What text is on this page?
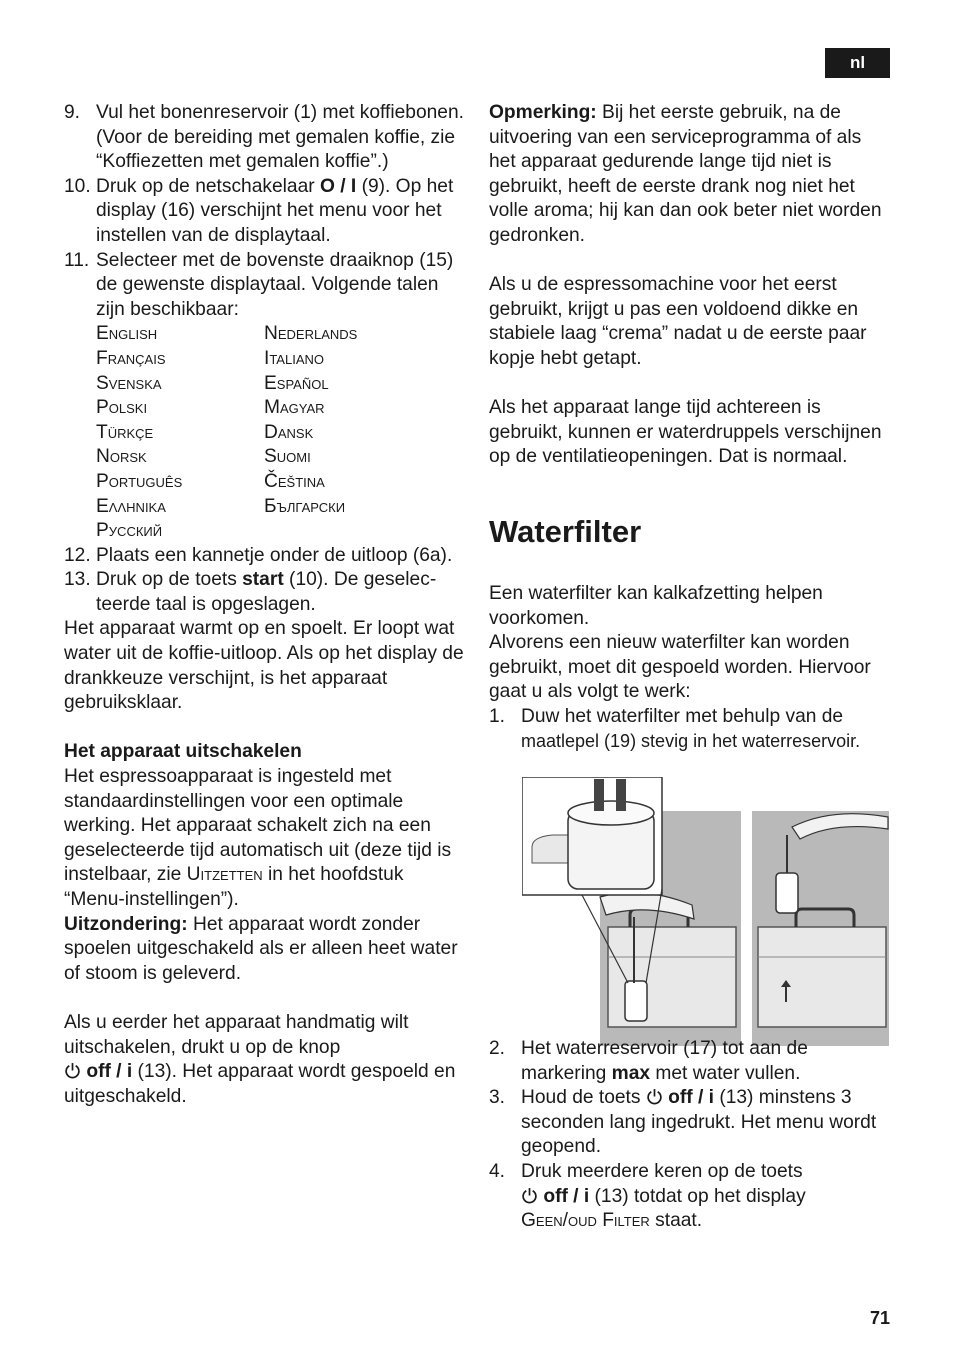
nl
9. Vul het bonenreservoir (1) met koffiebonen. (Voor de bereiding met gemalen koffie, zie “Koffiezetten met gemalen koffie”.)
10. Druk op de netschakelaar O / I (9). Op het display (16) verschijnt het menu voor het instellen van de displaytaal.
11. Selecteer met de bovenste draaiknop (15) de gewenste displaytaal. Volgende talen zijn beschikbaar:
English	Nederlands
Français	Italiano
Svenska	Español
Polski	Magyar
Türkçe	Dansk
Norsk	Suomi
Português	Čeština
Ελληνικα	Български
Русский
12. Plaats een kannetje onder de uitloop (6a).
13. Druk op de toets start (10). De geselecteerde taal is opgeslagen.

Het apparaat warmt op en spoelt. Er loopt wat water uit de koffie-uitloop. Als op het display de drankkeuze verschijnt, is het apparaat gebruiksklaar.

Het apparaat uitschakelen

Het espressoapparaat is ingesteld met standaardinstellingen voor een optimale werking. Het apparaat schakelt zich na een geselecteerde tijd automatisch uit (deze tijd is instelbaar, zie Uitzetten in het hoofdstuk “Menu-instellingen”).

Uitzondering: Het apparaat wordt zonder spoelen uitgeschakeld als er alleen heet water of stoom is geleverd.

Als u eerder het apparaat handmatig wilt uitschakelen, drukt u op de knop
off / i (13). Het apparaat wordt gespoeld en uitgeschakeld.

Opmerking: Bij het eerste gebruik, na de uitvoering van een serviceprogramma of als het apparaat gedurende lange tijd niet is gebruikt, heeft de eerste drank nog niet het volle aroma; hij kan dan ook beter niet worden gedronken.

Als u de espressomachine voor het eerst gebruikt, krijgt u pas een voldoend dikke en stabiele laag “crema” nadat u de eerste paar kopje hebt getapt.

Als het apparaat lange tijd achtereen is gebruikt, kunnen er waterdruppels verschijnen op de ventilatieopeningen. Dat is normaal.

Waterfilter

Een waterfilter kan kalkafzetting helpen voorkomen.

Alvorens een nieuw waterfilter kan worden gebruikt, moet dit gespoeld worden. Hiervoor gaat u als volgt te werk:

1. Duw het waterfilter met behulp van de
maatlepel (19) stevig in het waterreservoir.
2. Het waterreservoir (17) tot aan de markering max met water vullen.
3. Houd de toets  off / i (13) minstens 3 seconden lang ingedrukt. Het menu wordt geopend.
4. Druk meerdere keren op de toets
off / i (13) totdat op het display
Geen/oud Filter staat.
71
